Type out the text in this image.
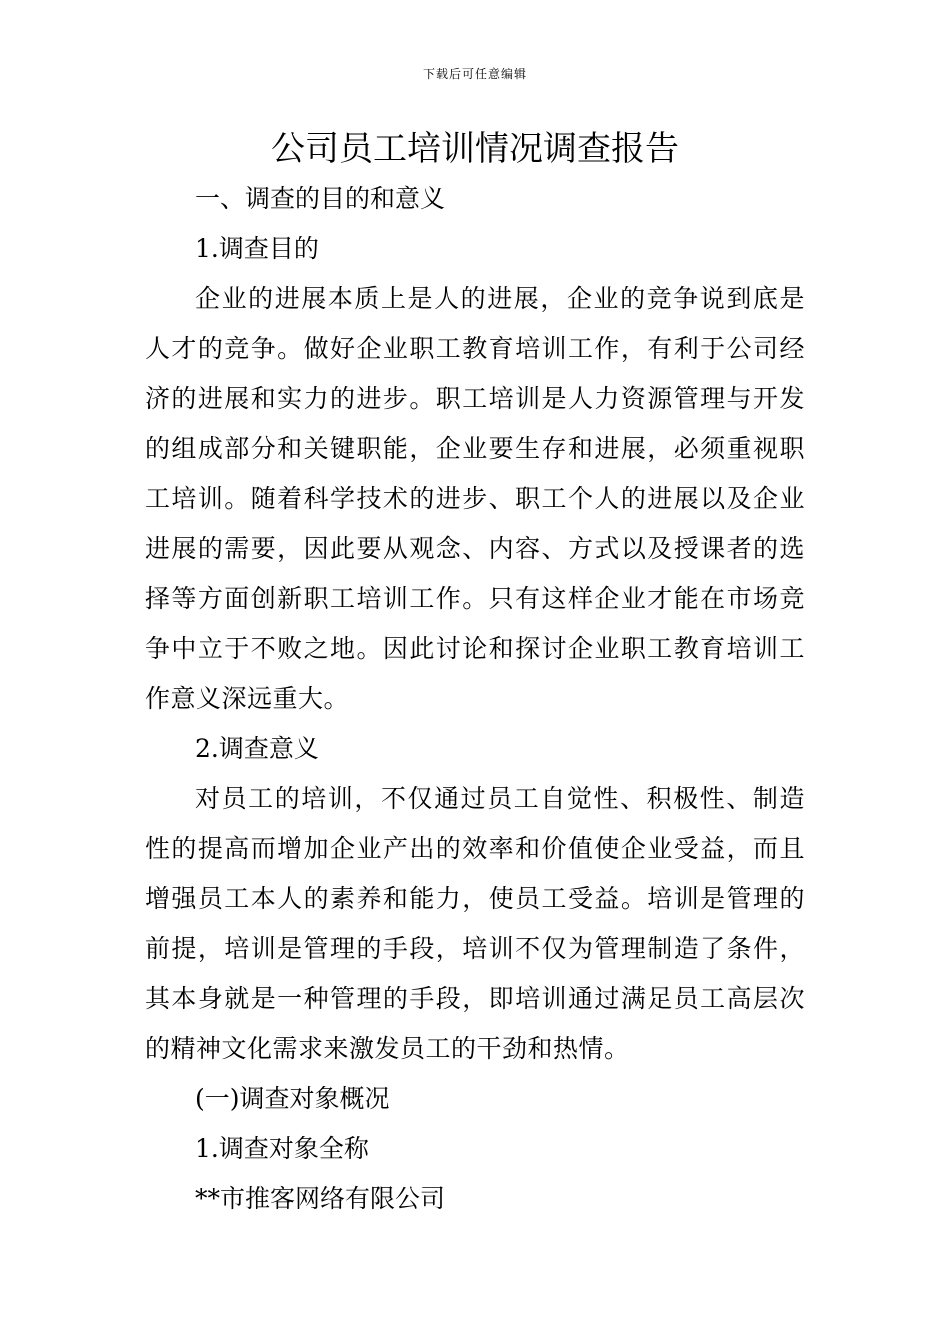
下载后可任意编辑
公司员工培训情况调查报告

一、调查的目的和意义

1.调查目的

企业的进展本质上是人的进展，企业的竞争说到底是人才的竞争。做好企业职工教育培训工作，有利于公司经济的进展和实力的进步。职工培训是人力资源管理与开发的组成部分和关键职能，企业要生存和进展，必须重视职工培训。随着科学技术的进步、职工个人的进展以及企业进展的需要，因此要从观念、内容、方式以及授课者的选择等方面创新职工培训工作。只有这样企业才能在市场竞争中立于不败之地。因此讨论和探讨企业职工教育培训工作意义深远重大。

2.调查意义

对员工的培训，不仅通过员工自觉性、积极性、制造性的提高而增加企业产出的效率和价值使企业受益，而且增强员工本人的素养和能力，使员工受益。培训是管理的前提，培训是管理的手段，培训不仅为管理制造了条件，其本身就是一种管理的手段，即培训通过满足员工高层次的精神文化需求来激发员工的干劲和热情。

(一)调查对象概况

1.调查对象全称

**市推客网络有限公司
